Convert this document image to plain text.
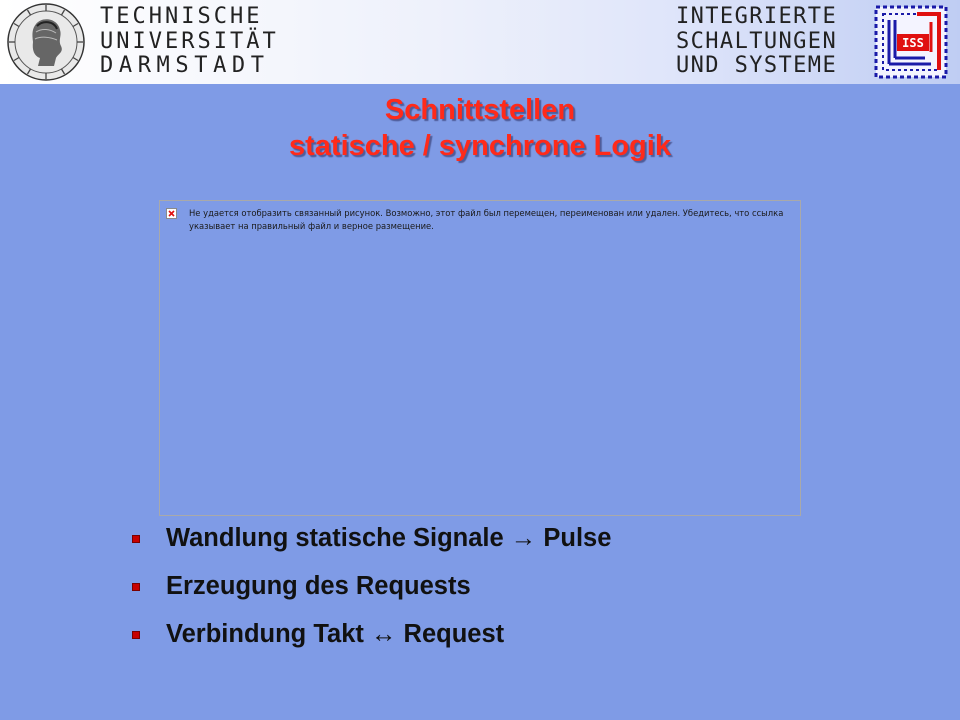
TECHNISCHE
UNIVERSITÄT
DARMSTADT
INTEGRIERTE
SCHALTUNGEN
UND SYSTEME
ISS
Schnittstellen
statische / synchrone Logik
Не удается отобразить связанный рисунок. Возможно, этот файл был перемещен, переименован или удален. Убедитесь, что ссылка указывает на правильный файл и верное размещение.
Wandlung statische Signale → Pulse
Erzeugung des Requests
Verbindung Takt ↔ Request
